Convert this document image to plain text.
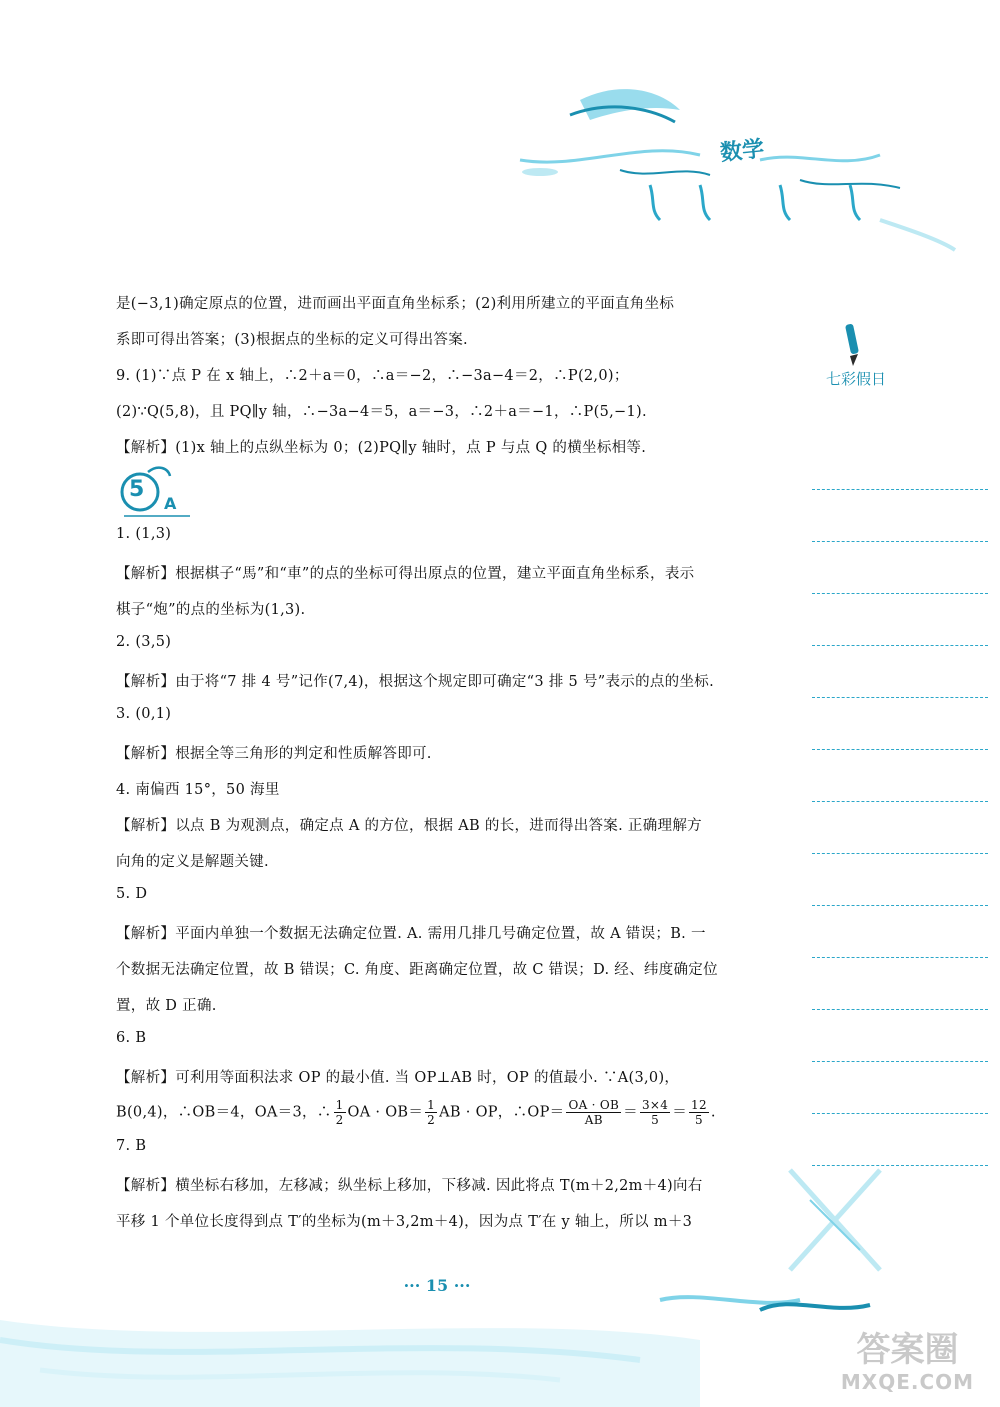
数学
七彩假日
5
A
是(−3,1)确定原点的位置，进而画出平面直角坐标系；(2)利用所建立的平面直角坐标
系即可得出答案；(3)根据点的坐标的定义可得出答案.
9. (1)∵点 P 在 x 轴上，∴2＋a＝0，∴a＝−2，∴−3a−4＝2，∴P(2,0)；
(2)∵Q(5,8)，且 PQ∥y 轴，∴−3a−4＝5，a＝−3，∴2＋a＝−1，∴P(5,−1).
【解析】(1)x 轴上的点纵坐标为 0；(2)PQ∥y 轴时，点 P 与点 Q 的横坐标相等.
1. (1,3)
【解析】根据棋子“馬”和“車”的点的坐标可得出原点的位置，建立平面直角坐标系，表示
棋子“炮”的点的坐标为(1,3).
2. (3,5)
【解析】由于将“7 排 4 号”记作(7,4)，根据这个规定即可确定“3 排 5 号”表示的点的坐标.
3. (0,1)
【解析】根据全等三角形的判定和性质解答即可.
4. 南偏西 15°，50 海里
【解析】以点 B 为观测点，确定点 A 的方位，根据 AB 的长，进而得出答案. 正确理解方
向角的定义是解题关键.
5. D
【解析】平面内单独一个数据无法确定位置. A. 需用几排几号确定位置，故 A 错误；B. 一
个数据无法确定位置，故 B 错误；C. 角度、距离确定位置，故 C 错误；D. 经、纬度确定位
置，故 D 正确.
6. B
【解析】可利用等面积法求 OP 的最小值. 当 OP⊥AB 时，OP 的值最小. ∵A(3,0)，
B(0,4)，∴OB＝4，OA＝3，∴ $\frac{1}{2}$ OA · $OB= \frac{1}{2}$ AB · OP，∴OP＝ $\frac{OA \cdot OB}{AB} = \frac{3\times 4}{5} = \frac{12}{5}$ .
7. B
【解析】横坐标右移加，左移减；纵坐标上移加，下移减. 因此将点 T(m＋2,2m＋4)向右
平移 1 个单位长度得到点 T′的坐标为(m＋3,2m＋4)，因为点 T′在 y 轴上，所以 m＋3
··· 15 ···
答案圈
MXQE.COM
